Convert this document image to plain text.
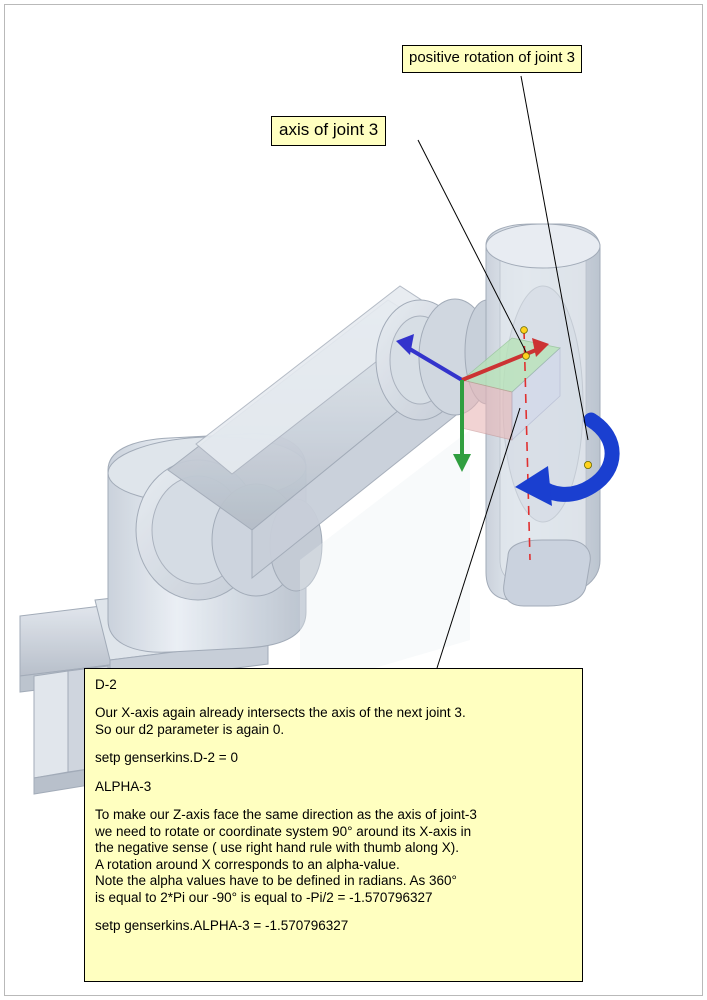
axis of joint 3
positive rotation of joint 3

D-2

Our X-axis again already intersects the axis of the next joint 3.

So our d2 parameter is again 0.

setp genserkins.D-2 = 0

ALPHA-3

To make our Z-axis face the same direction as the axis of joint-3

we need to rotate or coordinate system 90° around its X-axis in

the negative sense ( use right hand rule with thumb along X).

A rotation around X corresponds to an alpha-value.

Note the alpha values have to be defined in radians. As 360°

is equal to 2*Pi our -90° is equal to -Pi/2 = -1.570796327

setp genserkins.ALPHA-3 = -1.570796327
